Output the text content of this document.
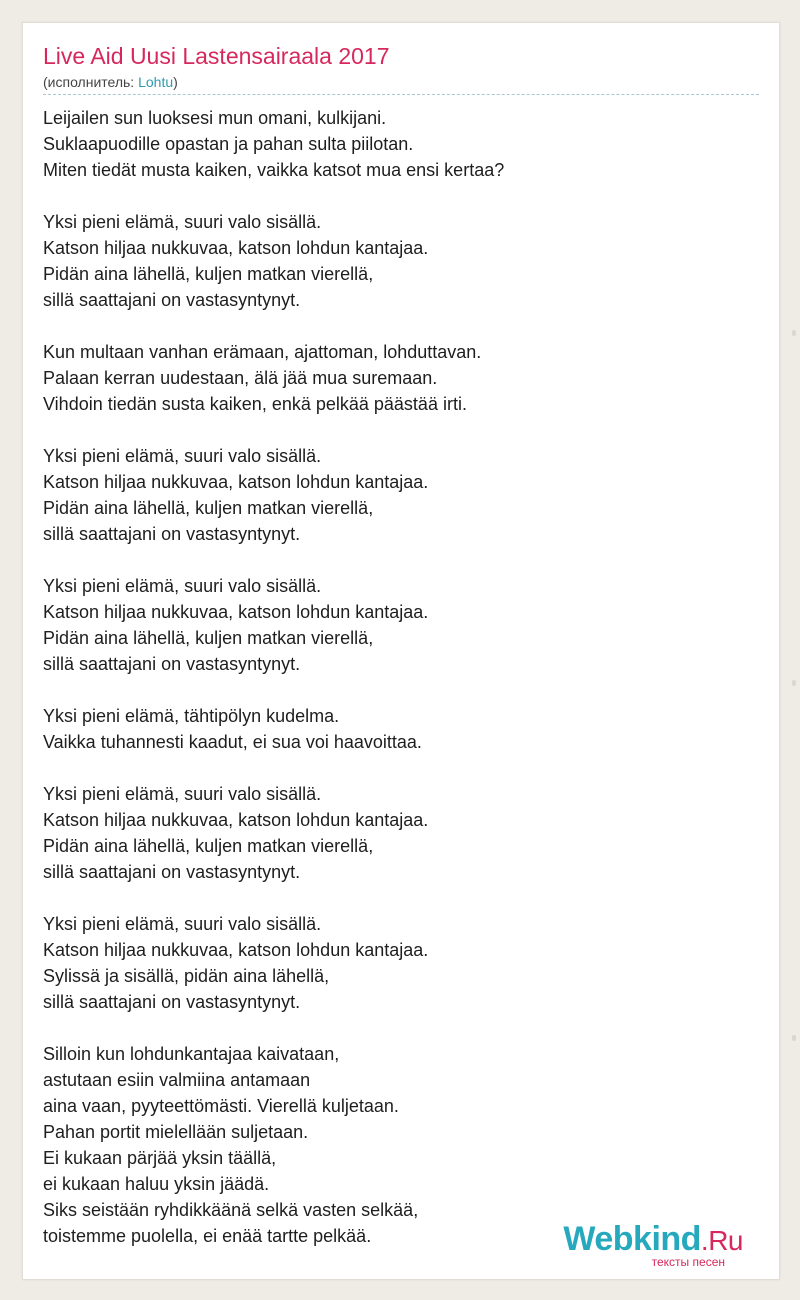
Live Aid Uusi Lastensairaala 2017
(исполнитель: Lohtu)
Leijailen sun luoksesi mun omani, kulkijani.
Suklaapuodille opastan ja pahan sulta piilotan.
Miten tiedät musta kaiken, vaikka katsot mua ensi kertaa?
Yksi pieni elämä, suuri valo sisällä.
Katson hiljaa nukkuvaa, katson lohdun kantajaa.
Pidän aina lähellä, kuljen matkan vierellä,
sillä saattajani on vastasyntynyt.
Kun multaan vanhan erämaan, ajattoman, lohduttavan.
Palaan kerran uudestaan, älä jää mua suremaan.
Vihdoin tiedän susta kaiken, enkä pelkää päästää irti.
Yksi pieni elämä, suuri valo sisällä.
Katson hiljaa nukkuvaa, katson lohdun kantajaa.
Pidän aina lähellä, kuljen matkan vierellä,
sillä saattajani on vastasyntynyt.
Yksi pieni elämä, suuri valo sisällä.
Katson hiljaa nukkuvaa, katson lohdun kantajaa.
Pidän aina lähellä, kuljen matkan vierellä,
sillä saattajani on vastasyntynyt.
Yksi pieni elämä, tähtipölyn kudelma.
Vaikka tuhannesti kaadut, ei sua voi haavoittaa.
Yksi pieni elämä, suuri valo sisällä.
Katson hiljaa nukkuvaa, katson lohdun kantajaa.
Pidän aina lähellä, kuljen matkan vierellä,
sillä saattajani on vastasyntynyt.
Yksi pieni elämä, suuri valo sisällä.
Katson hiljaa nukkuvaa, katson lohdun kantajaa.
Sylissä ja sisällä, pidän aina lähellä,
sillä saattajani on vastasyntynyt.
Silloin kun lohdunkantajaa kaivataan,
astutaan esiin valmiina antamaan
aina vaan, pyyteettömästi. Vierellä kuljetaan.
Pahan portit mielellään suljetaan.
Ei kukaan pärjää yksin täällä,
ei kukaan haluu yksin jäädä.
Siks seistään ryhdikkäänä selkä vasten selkää,
toistemme puolella, ei enää tartte pelkää.	Webkind.Ru
тексты песен
